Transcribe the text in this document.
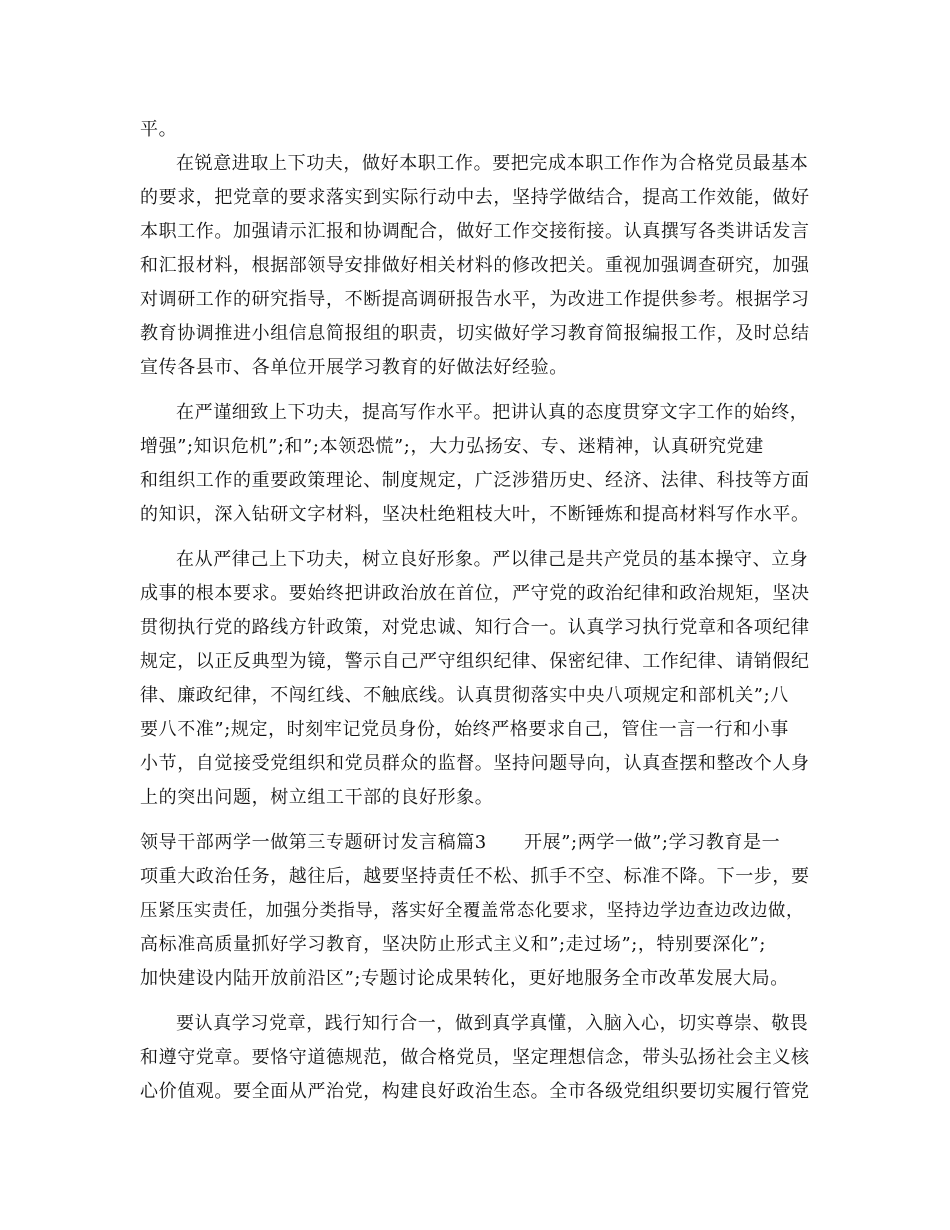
平。
在锐意进取上下功夫，做好本职工作。要把完成本职工作作为合格党员最基本
的要求，把党章的要求落实到实际行动中去，坚持学做结合，提高工作效能，做好
本职工作。加强请示汇报和协调配合，做好工作交接衔接。认真撰写各类讲话发言
和汇报材料，根据部领导安排做好相关材料的修改把关。重视加强调查研究，加强
对调研工作的研究指导，不断提高调研报告水平，为改进工作提供参考。根据学习
教育协调推进小组信息简报组的职责，切实做好学习教育简报编报工作，及时总结
宣传各县市、各单位开展学习教育的好做法好经验。
在严谨细致上下功夫，提高写作水平。把讲认真的态度贯穿文字工作的始终，
增强”;知识危机”;和”;本领恐慌”;，大力弘扬安、专、迷精神，认真研究党建
和组织工作的重要政策理论、制度规定，广泛涉猎历史、经济、法律、科技等方面
的知识，深入钻研文字材料，坚决杜绝粗枝大叶，不断锤炼和提高材料写作水平。
在从严律己上下功夫，树立良好形象。严以律己是共产党员的基本操守、立身
成事的根本要求。要始终把讲政治放在首位，严守党的政治纪律和政治规矩，坚决
贯彻执行党的路线方针政策，对党忠诚、知行合一。认真学习执行党章和各项纪律
规定，以正反典型为镜，警示自己严守组织纪律、保密纪律、工作纪律、请销假纪
律、廉政纪律，不闯红线、不触底线。认真贯彻落实中央八项规定和部机关”;八
要八不准”;规定，时刻牢记党员身份，始终严格要求自己，管住一言一行和小事
小节，自觉接受党组织和党员群众的监督。坚持问题导向，认真查摆和整改个人身
上的突出问题，树立组工干部的良好形象。
领导干部两学一做第三专题研讨发言稿篇3　　开展”;两学一做”;学习教育是一
项重大政治任务，越往后，越要坚持责任不松、抓手不空、标准不降。下一步，要
压紧压实责任，加强分类指导，落实好全覆盖常态化要求，坚持边学边查边改边做，
高标准高质量抓好学习教育，坚决防止形式主义和”;走过场”;，特别要深化”;
加快建设内陆开放前沿区”;专题讨论成果转化，更好地服务全市改革发展大局。
要认真学习党章，践行知行合一，做到真学真懂，入脑入心，切实尊崇、敬畏
和遵守党章。要恪守道德规范，做合格党员，坚定理想信念，带头弘扬社会主义核
心价值观。要全面从严治党，构建良好政治生态。全市各级党组织要切实履行管党
